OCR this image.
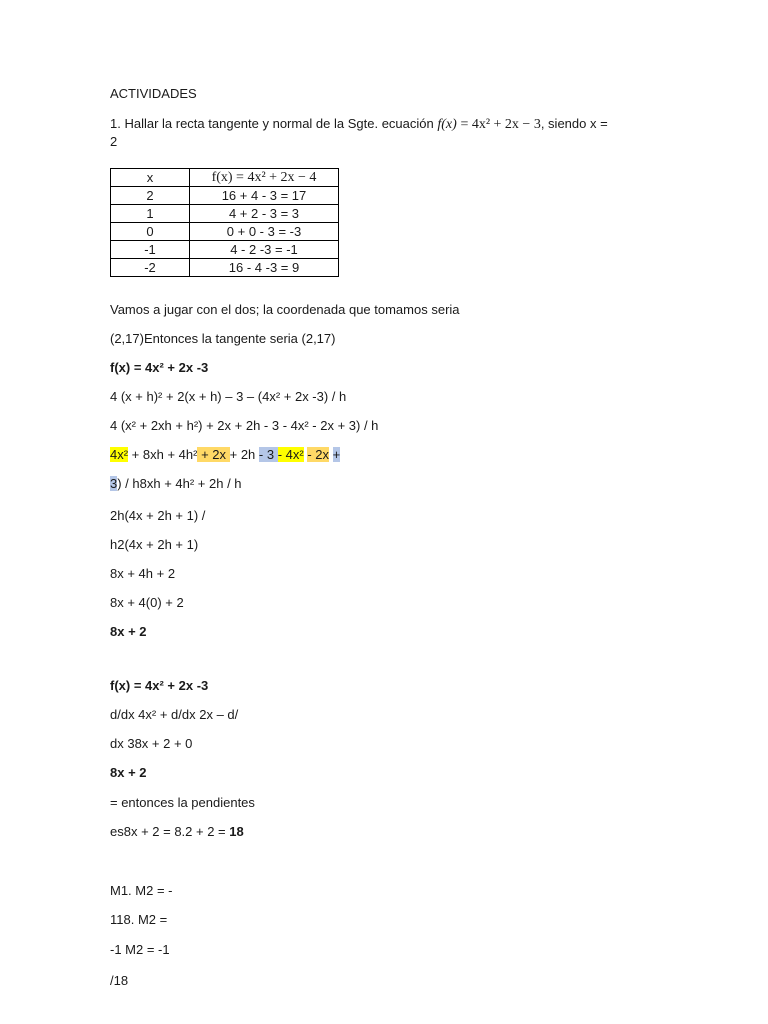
ACTIVIDADES
1. Hallar la recta tangente y normal de la Sgte. ecuación f(x) = 4x² + 2x − 3, siendo x =
2
x	f(x) = 4x² + 2x − 4
2	16 + 4 - 3 = 17
1	4 + 2 - 3 = 3
0	0 + 0 - 3 = -3
-1	4 - 2 -3 = -1
-2	16 - 4 -3 = 9
Vamos a jugar con el dos; la coordenada que tomamos seria
(2,17)Entonces la tangente seria (2,17)
f(x) = 4x² + 2x -3
4 (x + h)² + 2(x + h) – 3 – (4x² + 2x -3) / h
4 (x² + 2xh + h²) + 2x + 2h - 3 - 4x² - 2x + 3) / h
4x² + 8xh + 4h² + 2x + 2h - 3 - 4x² - 2x +
3) / h8xh + 4h² + 2h / h
2h(4x + 2h + 1) /
h2(4x + 2h + 1)
8x + 4h + 2
8x + 4(0) + 2
8x + 2
f(x) = 4x² + 2x -3
d/dx 4x² + d/dx 2x – d/
dx 38x + 2 + 0
8x + 2
= entonces la pendientes
es8x + 2 = 8.2 + 2 = 18
M1. M2 = -
118. M2 =
-1 M2 = -1
/18
